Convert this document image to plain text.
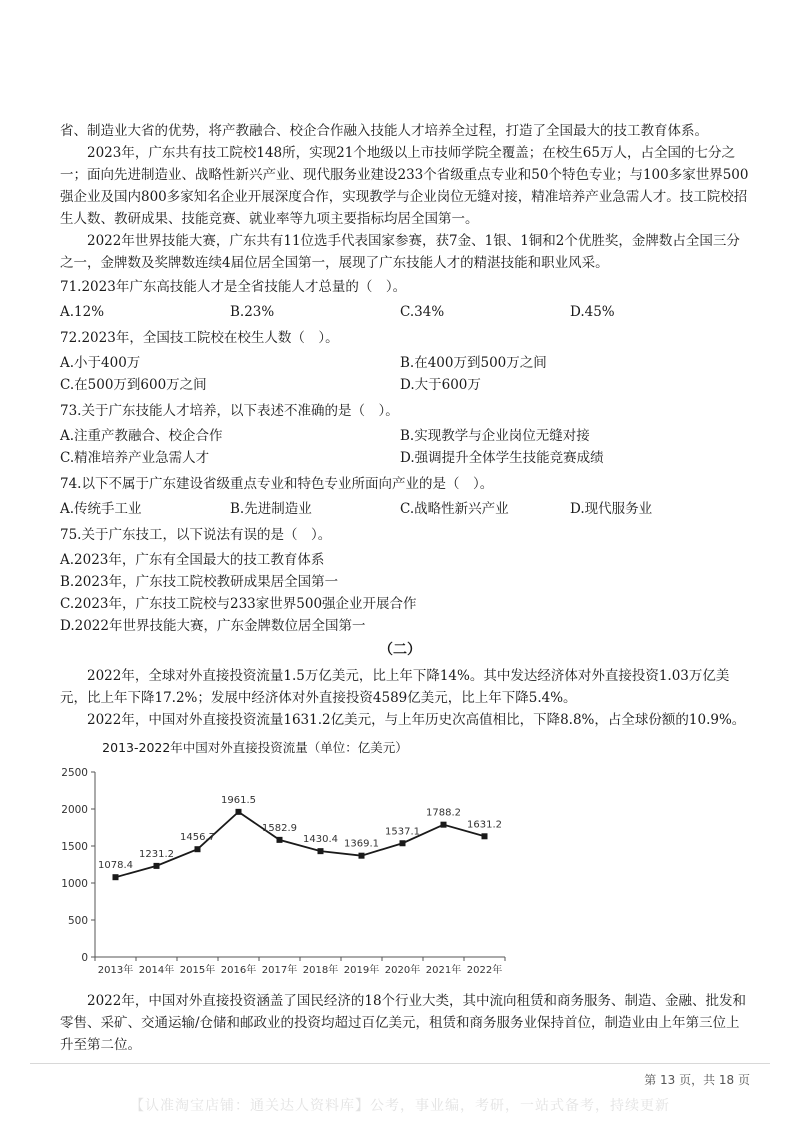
省、制造业大省的优势，将产教融合、校企合作融入技能人才培养全过程，打造了全国最大的技工教育体系。

2023年，广东共有技工院校148所，实现21个地级以上市技师学院全覆盖；在校生65万人，占全国的七分之一；面向先进制造业、战略性新兴产业、现代服务业建设233个省级重点专业和50个特色专业；与100多家世界500强企业及国内800多家知名企业开展深度合作，实现教学与企业岗位无缝对接，精准培养产业急需人才。技工院校招生人数、教研成果、技能竞赛、就业率等九项主要指标均居全国第一。

2022年世界技能大赛，广东共有11位选手代表国家参赛，获7金、1银、1铜和2个优胜奖，金牌数占全国三分之一，金牌数及奖牌数连续4届位居全国第一，展现了广东技能人才的精湛技能和职业风采。

71.2023年广东高技能人才是全省技能人才总量的（　）。
A.12%	B.23%	C.34%	D.45%
72.2023年，全国技工院校在校生人数（　）。
A.小于400万	B.在400万到500万之间
C.在500万到600万之间	D.大于600万
73.关于广东技能人才培养，以下表述不准确的是（　）。
A.注重产教融合、校企合作	B.实现教学与企业岗位无缝对接
C.精准培养产业急需人才	D.强调提升全体学生技能竞赛成绩
74.以下不属于广东建设省级重点专业和特色专业所面向产业的是（　）。
A.传统手工业	B.先进制造业	C.战略性新兴产业	D.现代服务业
75.关于广东技工，以下说法有误的是（　）。
A.2023年，广东有全国最大的技工教育体系
B.2023年，广东技工院校教研成果居全国第一
C.2023年，广东技工院校与233家世界500强企业开展合作
D.2022年世界技能大赛，广东金牌数位居全国第一
（二）

2022年，全球对外直接投资流量1.5万亿美元，比上年下降14%。其中发达经济体对外直接投资1.03万亿美元，比上年下降17.2%；发展中经济体对外直接投资4589亿美元，比上年下降5.4%。

2022年，中国对外直接投资流量1631.2亿美元，与上年历史次高值相比，下降8.8%，占全球份额的10.9%。

2013-2022年中国对外直接投资流量（单位：亿美元）
0
500
1000
1500
2000
2500
2013年 2014年 2015年 2016年 2017年 2018年 2019年 2020年 2021年 2022年
1078.4
1231.2
1456.7
1961.5
1582.9
1430.4 1369.1
1537.1
1788.2
1631.2

2022年，中国对外直接投资涵盖了国民经济的18个行业大类，其中流向租赁和商务服务、制造、金融、批发和零售、采矿、交通运输/仓储和邮政业的投资均超过百亿美元，租赁和商务服务业保持首位，制造业由上年第三位上升至第二位。

第 13 页，共 18 页
【认准淘宝店铺：通关达人资料库】公考，事业编，考研，一站式备考，持续更新
